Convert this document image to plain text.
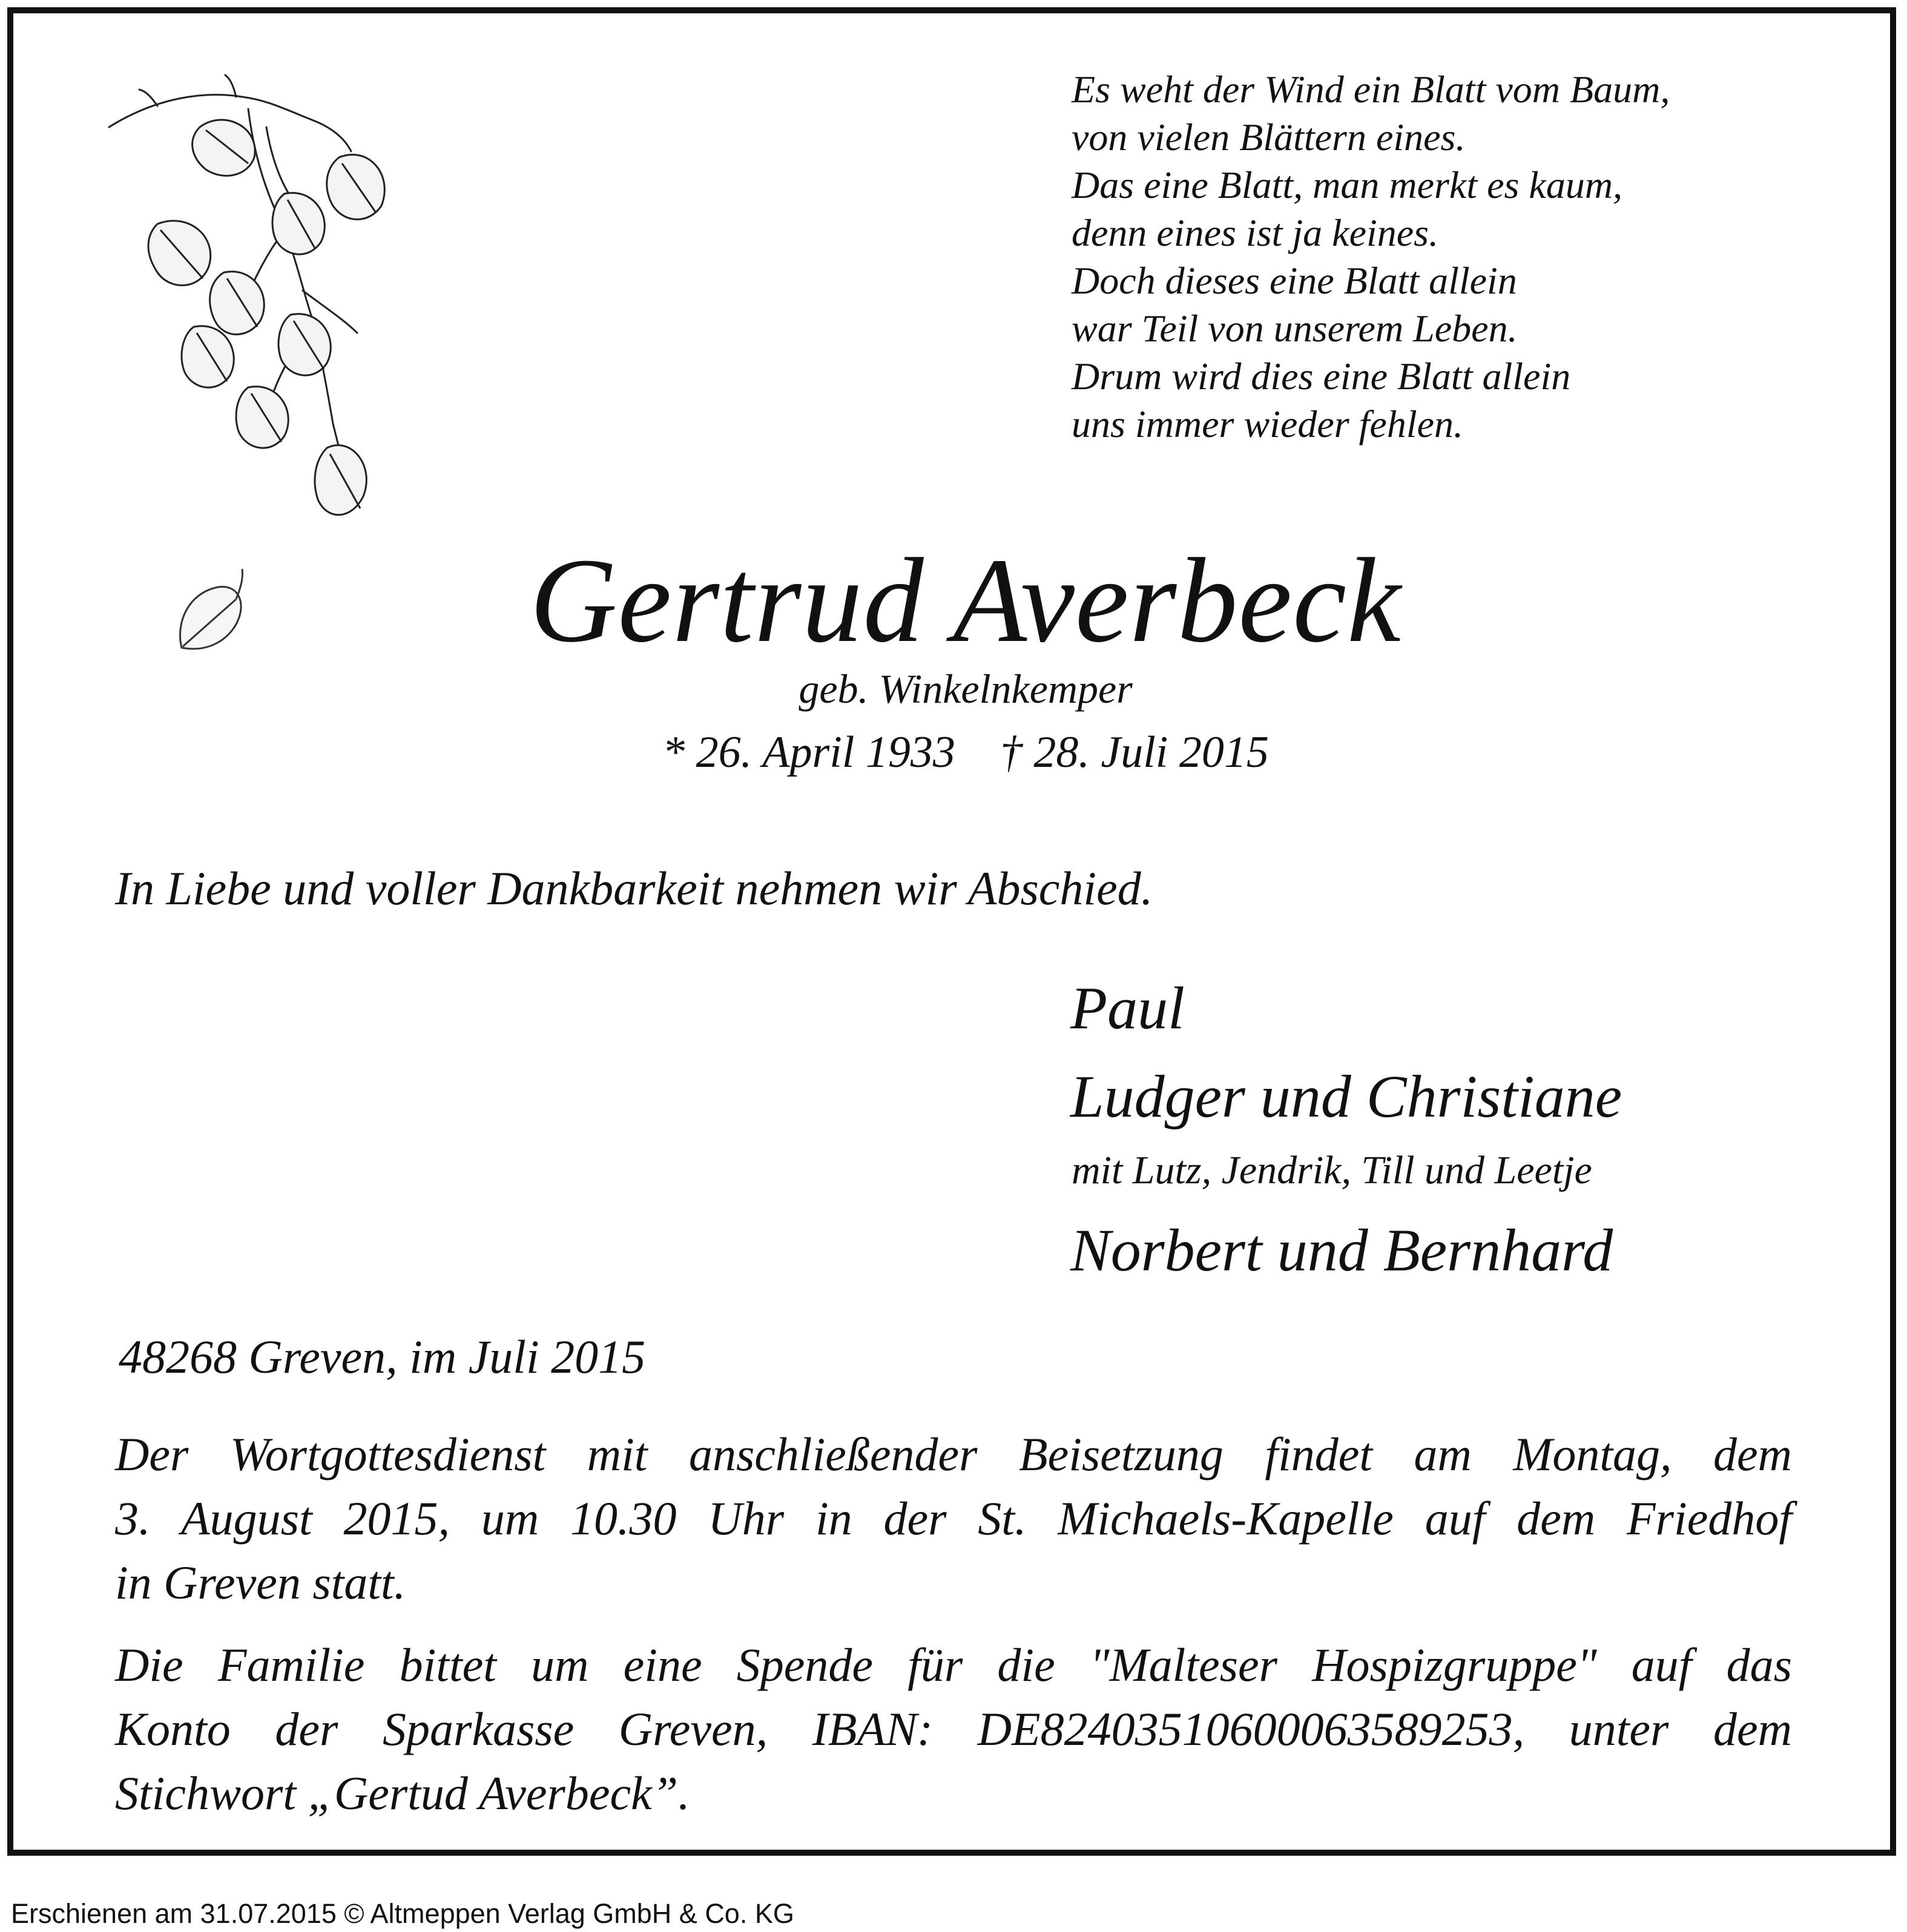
Es weht der Wind ein Blatt vom Baum,
von vielen Blättern eines.
Das eine Blatt, man merkt es kaum,
denn eines ist ja keines.
Doch dieses eine Blatt allein
war Teil von unserem Leben.
Drum wird dies eine Blatt allein
uns immer wieder fehlen.
Gertrud Averbeck
geb. Winkelnkemper
* 26. April 1933 † 28. Juli 2015
In Liebe und voller Dankbarkeit nehmen wir Abschied.
Paul
Ludger und Christiane
mit Lutz, Jendrik, Till und Leetje
Norbert und Bernhard
48268 Greven, im Juli 2015
Der Wortgottesdienst mit anschließender Beisetzung findet am Montag, dem
3. August 2015, um 10.30 Uhr in der St. Michaels-Kapelle auf dem Friedhof
in Greven statt.
Die Familie bittet um eine Spende für die "Malteser Hospizgruppe" auf das
Konto der Sparkasse Greven, IBAN: DE82403510600063589253, unter dem
Stichwort „Gertud Averbeck”.
Erschienen am 31.07.2015 © Altmeppen Verlag GmbH & Co. KG
